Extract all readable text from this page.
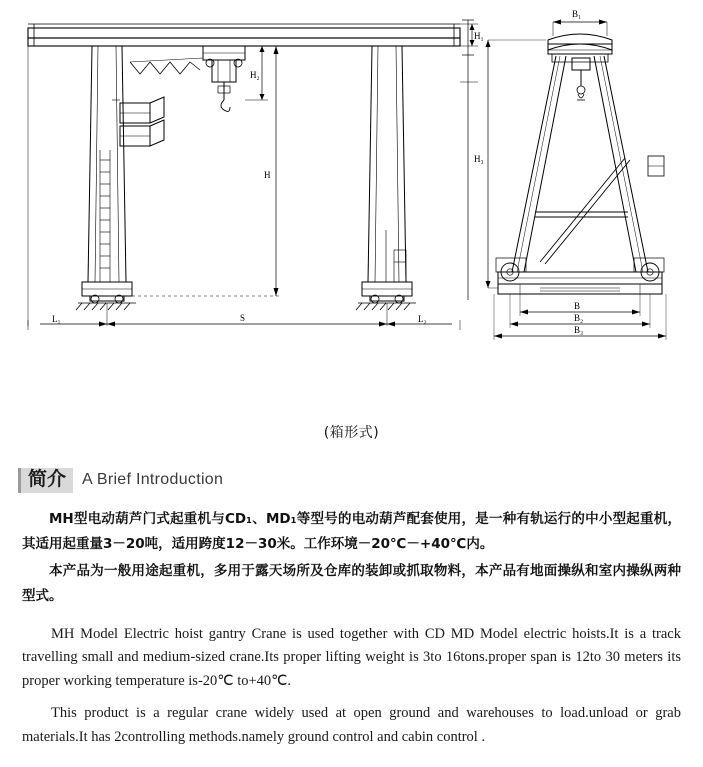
H₁
H₂
H
L₁	L₂
S
H₃
B₁
B
B₂
B₃
(箱形式)
简介	A Brief Introduction

MH型电动葫芦门式起重机与CD₁、MD₁等型号的电动葫芦配套使用，是一种有轨运行的中小型起重机，其适用起重量3－20吨，适用跨度12－30米。工作环境－20℃－+40℃内。

本产品为一般用途起重机，多用于露天场所及仓库的装卸或抓取物料，本产品有地面操纵和室内操纵两种型式。

MH Model Electric hoist gantry Crane is used together with CD MD Model electric hoists.It is a track travelling small and medium-sized crane.Its proper lifting weight is 3to 16tons.proper span is 12to 30 meters its proper working temperature is-20℃ to+40℃.

This product is a regular crane widely used at open ground and warehouses to load.unload or grab materials.It has 2controlling methods.namely ground control and cabin control .
